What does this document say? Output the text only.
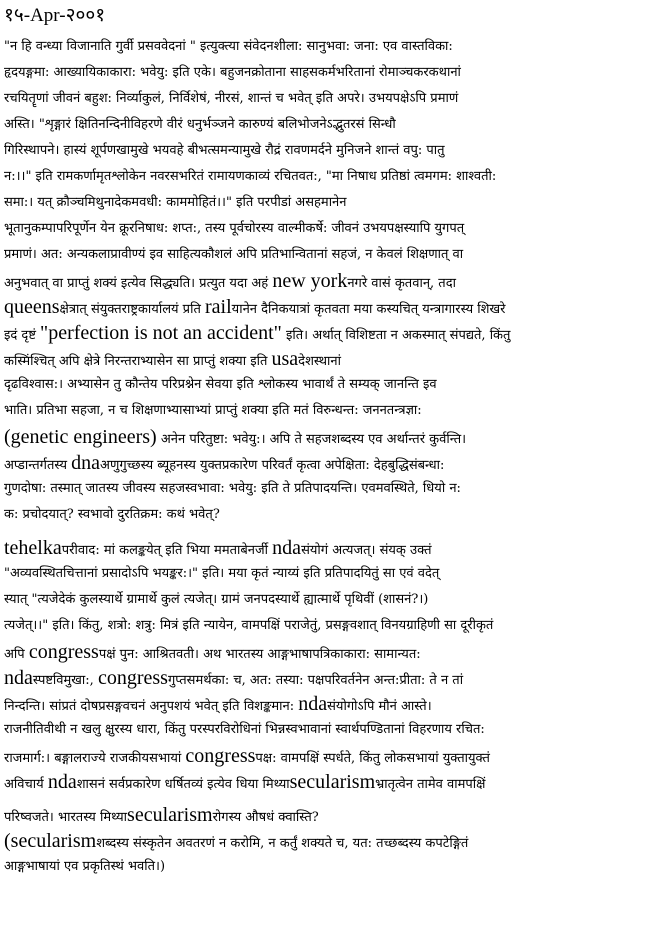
१५-Apr-२००१
"न हि वन्ध्या विजानाति गुर्वी प्रसववेदनां " इत्युक्त्या संवेदनशीला: सानुभवा: जना: एव वास्तविका:
हृदयङ्गमा: आख्यायिकाकारा: भवेयु: इति एके। बहुजनक्रोताना साहसकर्मभरितानां रोमाञ्चकरकथानां
रचयितॄणां जीवनं बहुश: निर्व्याकुलं, निर्विशेषं, नीरसं, शान्तं च भवेत् इति अपरे। उभयपक्षेऽपि प्रमाणं
अस्ति। "शृङ्गारं क्षितिनन्दिनीविहरणे वीरं धनुर्भञ्जने कारुण्यं बलिभोजनेऽद्भुतरसं सिन्धौ
गिरिस्थापने। हास्यं शूर्पणखामुखे भयवहे बीभत्समन्यामुखे रौद्रं रावणमर्दने मुनिजने शान्तं वपु: पातु
न:।।" इति रामकर्णामृतश्लोकेन नवरसभरितं रामायणकाव्यं रचितवत:, "मा निषाध प्रतिष्ठां त्वमगम: शाश्वती:
समा:। यत् क्रौञ्चमिथुनादेकमवधी: काममोहितं।।" इति परपीडां असहमानेन
भूतानुकम्पापरिपूर्णेन येन क्रूरनिषाध: शप्त:, तस्य पूर्वचोरस्य वाल्मीकर्षे: जीवनं उभयपक्षस्यापि युगपत्
प्रमाणं। अत: अन्यकलाप्रावीण्यं इव साहित्यकौशलं अपि प्रतिभान्वितानां सहजं, न केवलं शिक्षणात् वा
अनुभवात् वा प्राप्तुं शक्यं इत्येव सिद्ध्यति। प्रत्युत यदा अहं new yorkनगरे वासं कृतवान्, तदा
queensक्षेत्रात् संयुक्तराष्ट्रकार्यालयं प्रति railयानेन दैनिकयात्रां कृतवता मया कस्यचित् यन्त्रागारस्य शिखरे
इदं दृष्टं "perfection is not an accident" इति। अर्थात् विशिष्टता न अकस्मात् संपद्यते, किंतु
कस्मिंश्चित् अपि क्षेत्रे निरन्तराभ्यासेन सा प्राप्तुं शक्या इति usaदेशस्थानां
दृढविश्वास:। अभ्यासेन तु कौन्तेय परिप्रश्नेन सेवया इति श्लोकस्य भावार्थं ते सम्यक् जानन्ति इव
भाति। प्रतिभा सहजा, न च शिक्षणाभ्यासाभ्यां प्राप्तुं शक्या इति मतं विरुन्धन्त: जननतन्त्रज्ञा:
(genetic engineers) अनेन परितुष्टा: भवेयु:। अपि ते सहजशब्दस्य एव अर्थान्तरं कुर्वन्ति।
अप्डान्तर्गतस्य dnaअणुगुच्छस्य ब्यूहनस्य युक्तप्रकारेण परिवर्तं कृत्वा अपेक्षिता: देहबुद्धिसंबन्धा:
गुणदोषा: तस्मात् जातस्य जीवस्य सहजस्वभावा: भवेयु: इति ते प्रतिपादयन्ति। एवमवस्थिते, धियो न:
क: प्रचोदयात्? स्वभावो दुरतिक्रम: कथं भवेत्?
tehelkaपरीवाद: मां कलङ्कयेत् इति भिया ममताबेनर्जी ndaसंयोगं अत्यजत्। संयक् उक्तं
"अव्यवस्थितचित्तानां प्रसादोऽपि भयङ्कर:।" इति। मया कृतं न्याय्यं इति प्रतिपादयितुं सा एवं वदेत्
स्यात् "त्यजेदेकं कुलस्यार्थे ग्रामार्थे कुलं त्यजेत्। ग्रामं जनपदस्यार्थे ह्यात्मार्थे पृथिवीं (शासनं?।)
त्यजेत्।।" इति। किंतु, शत्रो: शत्रु: मित्रं इति न्यायेन, वामपक्षिं पराजेतुं, प्रसङ्गवशात् विनयग्राहिणी सा दूरीकृतं
अपि congressपक्षं पुन: आश्रितवती। अथ भारतस्य आङ्गभाषापत्रिकाकारा: सामान्यत:
ndaस्पष्टविमुखा:, congressगुप्तसमर्थका: च, अत: तस्या: पक्षपरिवर्तनेन अन्त:प्रीता: ते न तां
निन्दन्ति। सांप्रतं दोषप्रसङ्गवचनं अनुपशयं भवेत् इति विशङ्कमान: ndaसंयोगोऽपि मौनं आस्ते।
राजनीतिवीथी न खलु क्षुरस्य धारा, किंतु परस्परविरोधिनां भिन्नस्वभावानां स्वार्थपण्डितानां विहरणाय रचित:
राजमार्ग:। बङ्गालराज्ये राजकीयसभायां congressपक्ष: वामपक्षिं स्पर्धते, किंतु लोकसभायां युक्तायुक्तं
अविचार्य ndaशासनं सर्वप्रकारेण धर्षितव्यं इत्येव धिया मिथ्याsecularismभ्रातृत्वेन तामेव वामपक्षिं
परिष्वजते। भारतस्य मिथ्याsecularismरोगस्य औषधं क्वास्ति?
(secularismशब्दस्य संस्कृतेन अवतरणं न करोमि, न कर्तुं शक्यते च, यत: तच्छब्दस्य कपटेङ्गितं
आङ्गभाषायां एव प्रकृतिस्थं भवति।)
